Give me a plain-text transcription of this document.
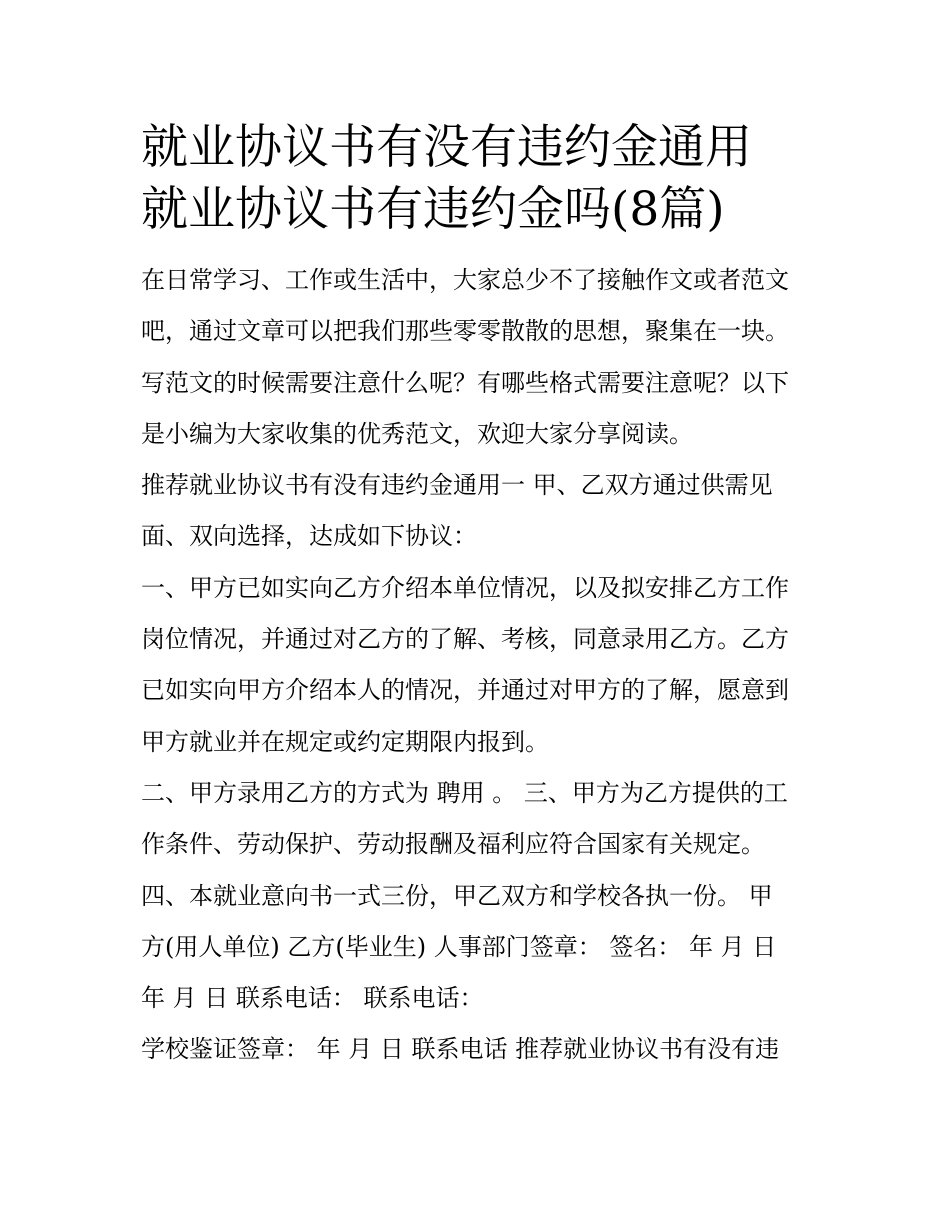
就业协议书有没有违约金通用
就业协议书有违约金吗(8篇)
在日常学习、工作或生活中，大家总少不了接触作文或者范文
吧，通过文章可以把我们那些零零散散的思想，聚集在一块。
写范文的时候需要注意什么呢？有哪些格式需要注意呢？以下
是小编为大家收集的优秀范文，欢迎大家分享阅读。
推荐就业协议书有没有违约金通用一 甲、乙双方通过供需见
面、双向选择，达成如下协议：
一、甲方已如实向乙方介绍本单位情况，以及拟安排乙方工作
岗位情况，并通过对乙方的了解、考核，同意录用乙方。乙方
已如实向甲方介绍本人的情况，并通过对甲方的了解，愿意到
甲方就业并在规定或约定期限内报到。
二、甲方录用乙方的方式为 聘用 。 三、甲方为乙方提供的工
作条件、劳动保护、劳动报酬及福利应符合国家有关规定。
四、本就业意向书一式三份，甲乙双方和学校各执一份。 甲
方(用人单位) 乙方(毕业生) 人事部门签章： 签名： 年 月 日
年 月 日 联系电话： 联系电话：
学校鉴证签章： 年 月 日 联系电话 推荐就业协议书有没有违
